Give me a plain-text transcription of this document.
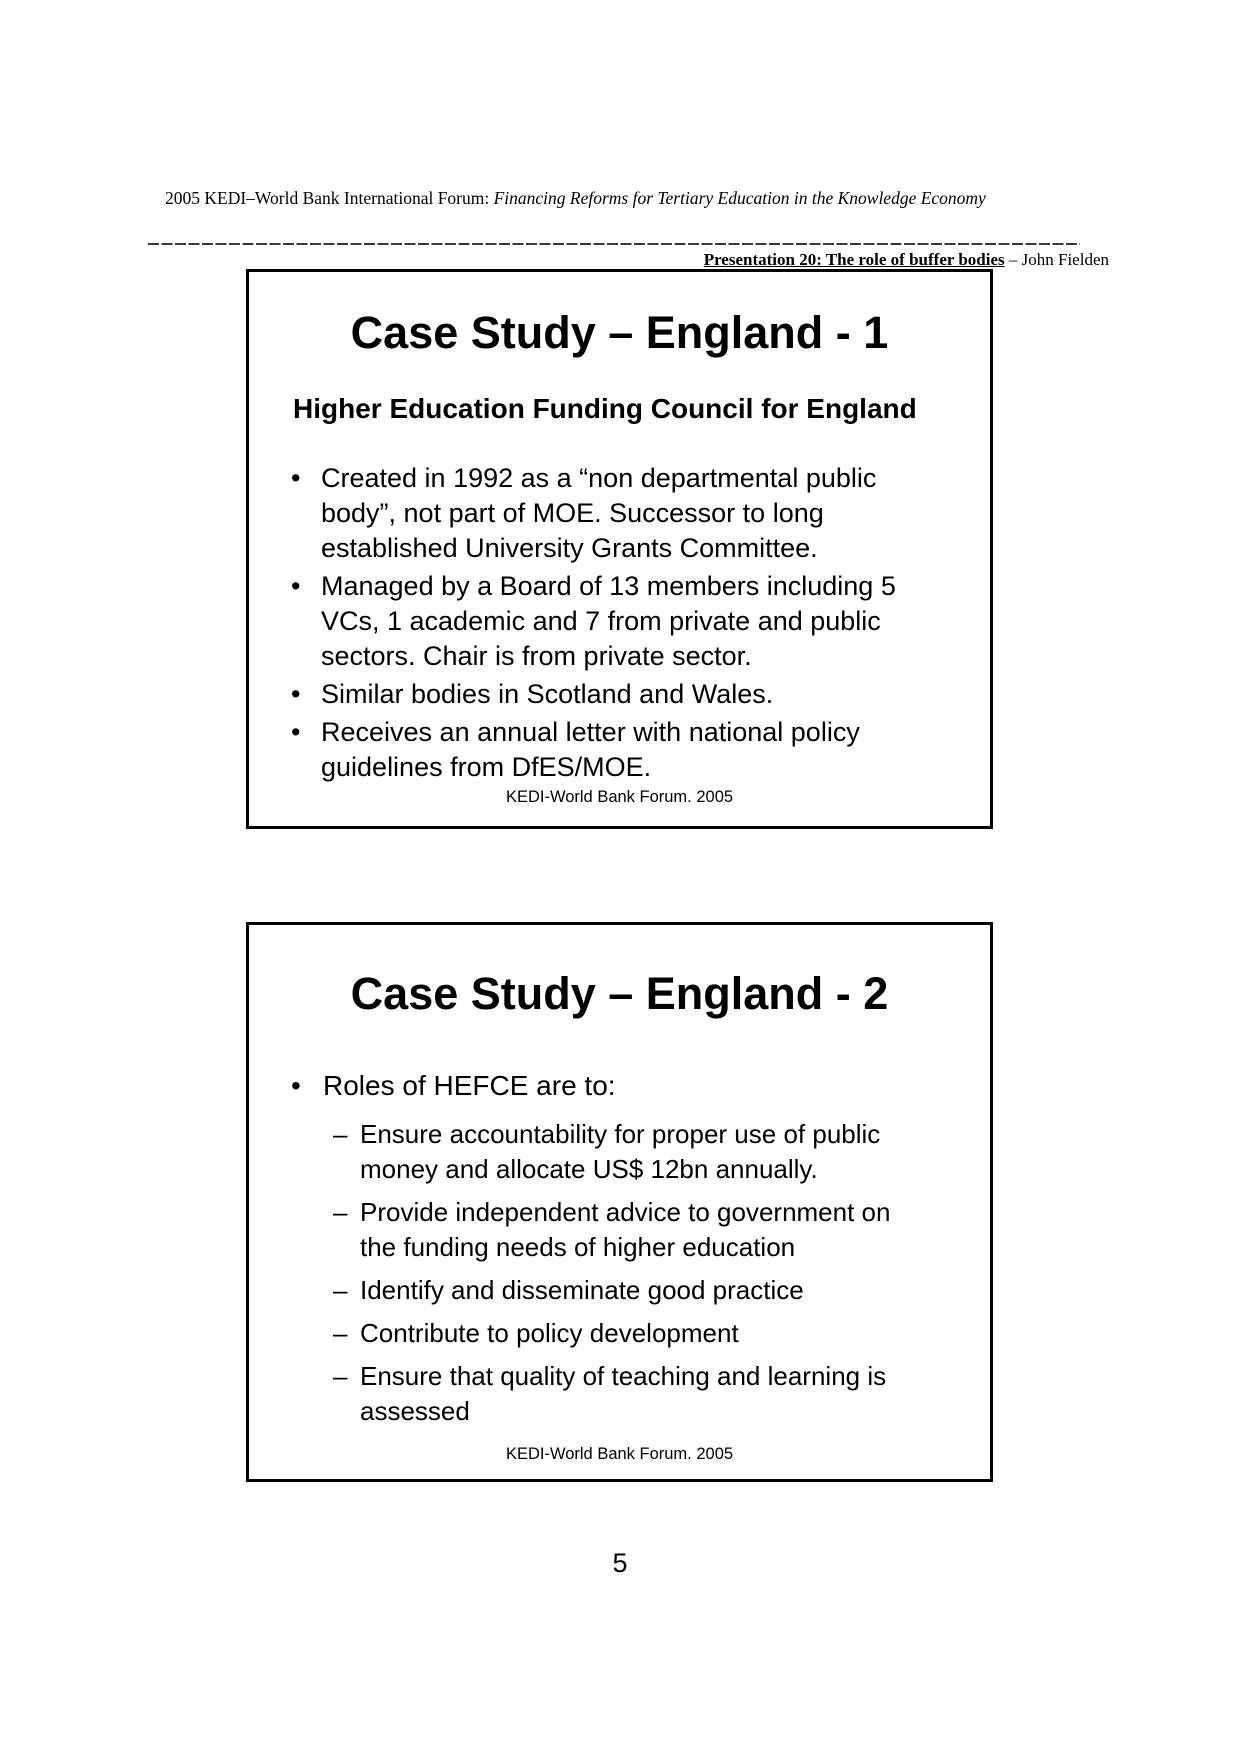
2005 KEDI–World Bank International Forum: Financing Reforms for Tertiary Education in the Knowledge Economy
Presentation 20: The role of buffer bodies – John Fielden
Case Study – England - 1
Higher Education Funding Council for England
• Created in 1992 as a “non departmental public
body”, not part of MOE. Successor to long
established University Grants Committee.
• Managed by a Board of 13 members including 5
VCs, 1 academic and 7 from private and public
sectors. Chair is from private sector.
• Similar bodies in Scotland and Wales.
• Receives an annual letter with national policy
guidelines from DfES/MOE.
KEDI-World Bank Forum. 2005
Case Study – England - 2
• Roles of HEFCE are to:
– Ensure accountability for proper use of public
money and allocate US$ 12bn annually.
– Provide independent advice to government on
the funding needs of higher education
– Identify and disseminate good practice
– Contribute to policy development
– Ensure that quality of teaching and learning is
assessed
KEDI-World Bank Forum. 2005
5
